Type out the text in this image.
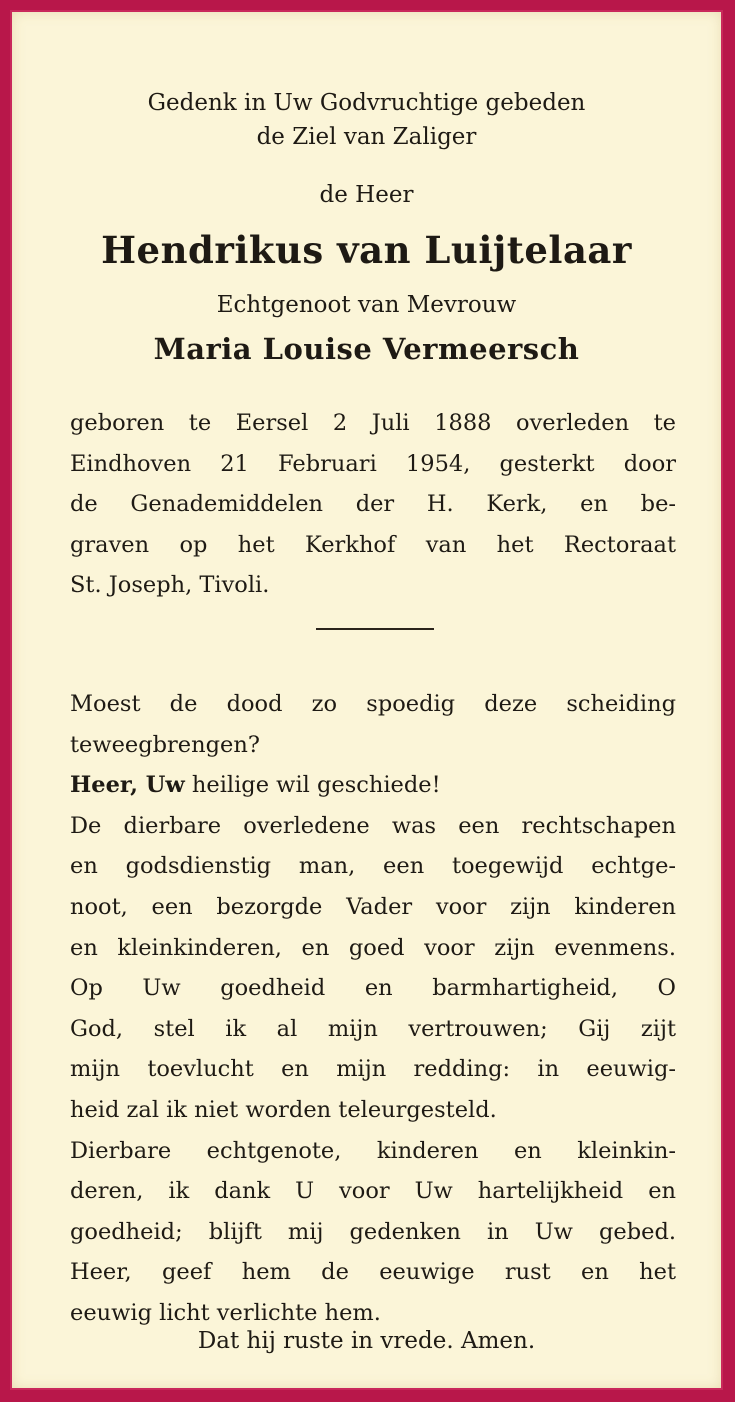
Gedenk in Uw Godvruchtige gebeden
de Ziel van Zaliger
de Heer
Hendrikus van Luijtelaar
Echtgenoot van Mevrouw
Maria Louise Vermeersch
geboren te Eersel 2 Juli 1888 overleden te
Eindhoven 21 Februari 1954, gesterkt door
de Genademiddelen der H. Kerk, en be-
graven op het Kerkhof van het Rectoraat
St. Joseph, Tivoli.
Moest de dood zo spoedig deze scheiding
teweegbrengen?
Heer, Uw heilige wil geschiede!
De dierbare overledene was een rechtschapen
en godsdienstig man, een toegewijd echtge-
noot, een bezorgde Vader voor zijn kinderen
en kleinkinderen, en goed voor zijn evenmens.
Op Uw goedheid en barmhartigheid, O
God, stel ik al mijn vertrouwen; Gij zijt
mijn toevlucht en mijn redding: in eeuwig-
heid zal ik niet worden teleurgesteld.
Dierbare echtgenote, kinderen en kleinkin-
deren, ik dank U voor Uw hartelijkheid en
goedheid; blijft mij gedenken in Uw gebed.
Heer, geef hem de eeuwige rust en het
eeuwig licht verlichte hem.
Dat hij ruste in vrede. Amen.
